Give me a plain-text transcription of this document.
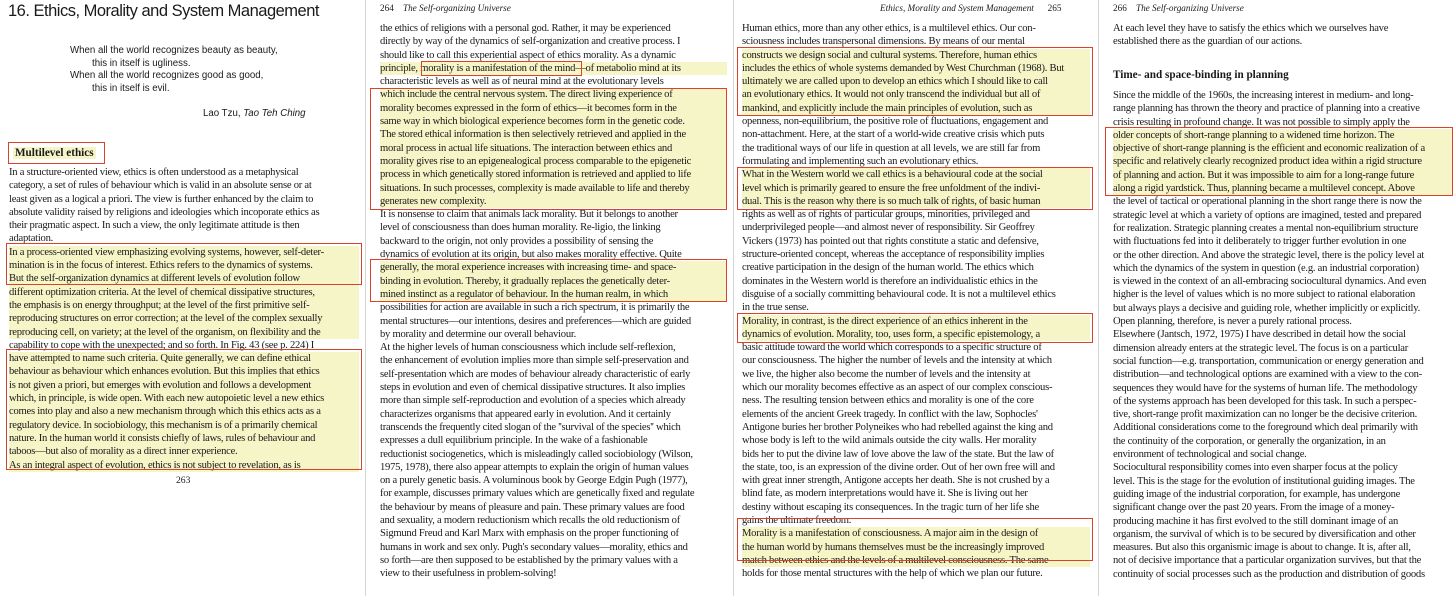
16. Ethics, Morality and System Management
When all the world recognizes beauty as beauty,
this in itself is ugliness.
When all the world recognizes good as good,
this in itself is evil.
Lao Tzu, Tao Teh Ching
Multilevel ethics
In a structure-oriented view, ethics is often understood as a metaphysical
category, a set of rules of behaviour which is valid in an absolute sense or at
least given as a logical a priori. The view is further enhanced by the claim to
absolute validity raised by religions and ideologies which incoporate ethics as
their pragmatic aspect. In such a view, the only legitimate attitude is then
adaptation.
In a process-oriented view emphasizing evolving systems, however, self-deter-
mination is in the focus of interest. Ethics refers to the dynamics of systems.
But the self-organization dynamics at different levels of evolution follow
different optimization criteria. At the level of chemical dissipative structures,
the emphasis is on energy throughput; at the level of the first primitive self-
reproducing structures on error correction; at the level of the complex sexually
reproducing cell, on variety; at the level of the organism, on flexibility and the
capability to cope with the unexpected; and so forth. In Fig. 43 (see p. 224) I
have attempted to name such criteria. Quite generally, we can define ethical
behaviour as behaviour which enhances evolution. But this implies that ethics
is not given a priori, but emerges with evolution and follows a development
which, in principle, is wide open. With each new autopoietic level a new ethics
comes into play and also a new mechanism through which this ethics acts as a
regulatory device. In sociobiology, this mechanism is of a primarily chemical
nature. In the human world it consists chiefly of laws, rules of behaviour and
taboos—but also of morality as a direct inner experience.
As an integral aspect of evolution, ethics is not subject to revelation, as is
263
264 The Self-organizing Universe
the ethics of religions with a personal god. Rather, it may be experienced
directly by way of the dynamics of self-organization and creative process. I
should like to call this experiential aspect of ethics morality. As a dynamic
principle, morality is a manifestation of the mind—of metabolio mind at its
characteristic levels as well as of neural mind at the evolutionary levels
which include the central nervous system. The direct living experience of
morality becomes expressed in the form of ethics—it becomes form in the
same way in which biological experience becomes form in the genetic code.
The stored ethical information is then selectively retrieved and applied in the
moral process in actual life situations. The interaction between ethics and
morality gives rise to an epigenealogical process comparable to the epigenetic
process in which genetically stored information is retrieved and applied to life
situations. In such processes, complexity is made available to life and thereby
generates new complexity.
It is nonsense to claim that animals lack morality. But it belongs to another
level of consciousness than does human morality. Re-ligio, the linking
backward to the origin, not only provides a possibility of sensing the
dynamics of evolution at its origin, but also makes morality effective. Quite
generally, the moral experience increases with increasing time- and space-
binding in evolution. Thereby, it gradually replaces the genetically deter-
mined instinct as a regulator of behaviour. In the human realm, in which
possibilities for action are available in such a rich spectrum, it is primarily the
mental structures—our intentions, desires and preferences—which are guided
by morality and determine our overall behaviour.
At the higher levels of human consciousness which include self-reflexion,
the enhancement of evolution implies more than simple self-preservation and
self-presentation which are modes of behaviour already characteristic of early
steps in evolution and even of chemical dissipative structures. It also implies
more than simple self-reproduction and evolution of a species which already
characterizes organisms that appeared early in evolution. And it certainly
transcends the frequently cited slogan of the ''survival of the species'' which
expresses a dull equilibrium principle. In the wake of a fashionable
reductionist sociogenetics, which is misleadingly called sociobiology (Wilson,
1975, 1978), there also appear attempts to explain the origin of human values
on a purely genetic basis. A voluminous book by George Edgin Pugh (1977),
for example, discusses primary values which are genetically fixed and regulate
the behaviour by means of pleasure and pain. These primary values are food
and sexuality, a modern reductionism which recalls the old reductionism of
Sigmund Freud and Karl Marx with emphasis on the proper functioning of
humans in work and sex only. Pugh's secondary values—morality, ethics and
so forth—are then supposed to be established by the primary values with a
view to their usefulness in problem-solving!
Ethics, Morality and System Management 265
Human ethics, more than any other ethics, is a multilevel ethics. Our con-
sciousness includes transpersonal dimensions. By means of our mental
constructs we design social and cultural systems. Therefore, human ethics
includes the ethics of whole systems demanded by West Churchman (1968). But
ultimately we are called upon to develop an ethics which I should like to call
an evolutionary ethics. It would not only transcend the individual but all of
mankind, and explicitly include the main principles of evolution, such as
openness, non-equilibrium, the positive role of fluctuations, engagement and
non-attachment. Here, at the start of a world-wide creative crisis which puts
the traditional ways of our life in question at all levels, we are still far from
formulating and implementing such an evolutionary ethics.
What in the Western world we call ethics is a behavioural code at the social
level which is primarily geared to ensure the free unfoldment of the indivi-
dual. This is the reason why there is so much talk of rights, of basic human
rights as well as of rights of particular groups, minorities, privileged and
underprivileged people—and almost never of responsibility. Sir Geoffrey
Vickers (1973) has pointed out that rights constitute a static and defensive,
structure-oriented concept, whereas the acceptance of responsibility implies
creative participation in the design of the human world. The ethics which
dominates in the Western world is therefore an individualistic ethics in the
disguise of a socially committing behavioural code. It is not a multilevel ethics
in the true sense.
Morality, in contrast, is the direct experience of an ethics inherent in the
dynamics of evolution. Morality, too, uses form, a specific epistemology, a
basic attitude toward the world which corresponds to a specific structure of
our consciousness. The higher the number of levels and the intensity at which
we live, the higher also become the number of levels and the intensity at
which our morality becomes effective as an aspect of our complex conscious-
ness. The resulting tension between ethics and morality is one of the core
elements of the ancient Greek tragedy. In conflict with the law, Sophocles'
Antigone buries her brother Polyneikes who had rebelled against the king and
whose body is left to the wild animals outside the city walls. Her morality
bids her to put the divine law of love above the law of the state. But the law of
the state, too, is an expression of the divine order. Out of her own free will and
with great inner strength, Antigone accepts her death. She is not crushed by a
blind fate, as modern interpretations would have it. She is living out her
destiny without escaping its consequences. In the tragic turn of her life she
gains the ultimate freedom.
Morality is a manifestation of consciousness. A major aim in the design of
the human world by humans themselves must be the increasingly improved
match between ethics and the levels of a multilevel consciousness. The same
holds for those mental structures with the help of which we plan our future.
266 The Self-organizing Universe
At each level they have to satisfy the ethics which we ourselves have
established there as the guardian of our actions.
Time- and space-binding in planning
Since the middle of the 1960s, the increasing interest in medium- and long-
range planning has thrown the theory and practice of planning into a creative
crisis resulting in profound change. It was not possible to simply apply the
older concepts of short-range planning to a widened time horizon. The
objective of short-range planning is the efficient and economic realization of a
specific and relatively clearly recognized product idea within a rigid structure
of planning and action. But it was impossible to aim for a long-range future
along a rigid yardstick. Thus, planning became a multilevel concept. Above
the level of tactical or operational planning in the short range there is now the
strategic level at which a variety of options are imagined, tested and prepared
for realization. Strategic planning creates a mental non-equilibrium structure
with fluctuations fed into it deliberately to trigger further evolution in one
or the other direction. And above the strategic level, there is the policy level at
which the dynamics of the system in question (e.g. an industrial corporation)
is viewed in the context of an all-embracing sociocultural dynamics. And even
higher is the level of values which is no more subject to rational elaboration
but always plays a decisive and guiding role, whether implicitly or explicitly.
Open planning, therefore, is never a purely rational process.
Elsewhere (Jantsch, 1972, 1975) I have described in detail how the social
dimension already enters at the strategic level. The focus is on a particular
social function—e.g. transportation, communication or energy generation and
distribution—and technological options are examined with a view to the con-
sequences they would have for the systems of human life. The methodology
of the systems approach has been developed for this task. In such a perspec-
tive, short-range profit maximization can no longer be the decisive criterion.
Additional considerations come to the foreground which deal primarily with
the continuity of the corporation, or generally the organization, in an
environment of technological and social change.
Sociocultural responsibility comes into even sharper focus at the policy
level. This is the stage for the evolution of institutional guiding images. The
guiding image of the industrial corporation, for example, has undergone
significant change over the past 20 years. From the image of a money-
producing machine it has first evolved to the still dominant image of an
organism, the survival of which is to be secured by diversification and other
measures. But also this organismic image is about to change. It is, after all,
not of decisive importance that a particular organization survives, but that the
continuity of social processes such as the production and distribution of goods
